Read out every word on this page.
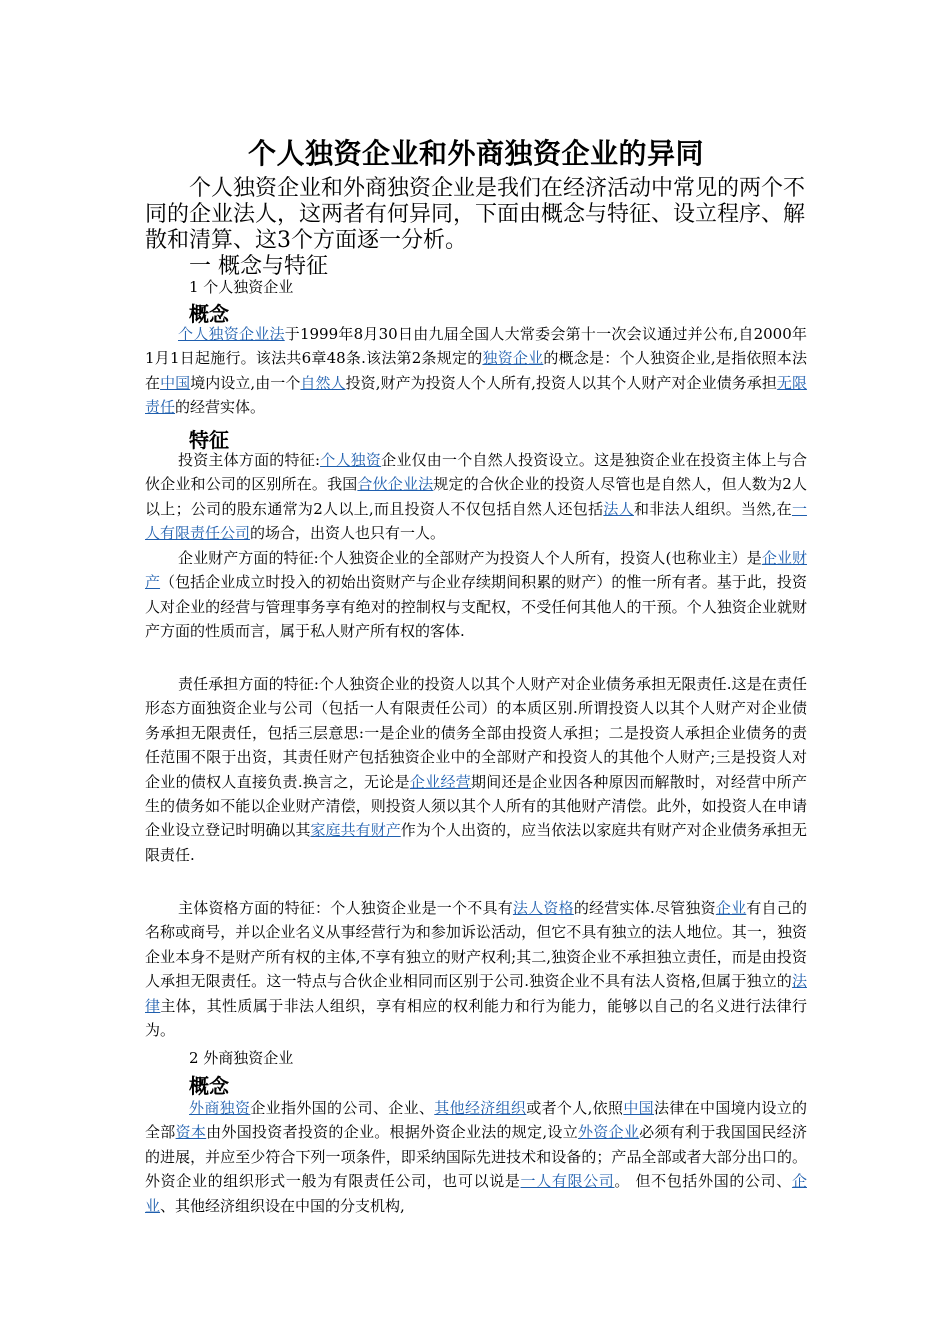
个人独资企业和外商独资企业的异同

个人独资企业和外商独资企业是我们在经济活动中常见的两个不同的企业法人，这两者有何异同，下面由概念与特征、设立程序、解散和清算、这3个方面逐一分析。

一 概念与特征
1 个人独资企业
概念

个人独资企业法于1999年8月30日由九届全国人大常委会第十一次会议通过并公布,自2000年1月1日起施行。该法共6章48条.该法第2条规定的独资企业的概念是：个人独资企业,是指依照本法在中国境内设立,由一个自然人投资,财产为投资人个人所有,投资人以其个人财产对企业债务承担无限责任的经营实体。

特征

投资主体方面的特征:个人独资企业仅由一个自然人投资设立。这是独资企业在投资主体上与合伙企业和公司的区别所在。我国合伙企业法规定的合伙企业的投资人尽管也是自然人，但人数为2人以上；公司的股东通常为2人以上,而且投资人不仅包括自然人还包括法人和非法人组织。当然,在一人有限责任公司的场合，出资人也只有一人。

企业财产方面的特征:个人独资企业的全部财产为投资人个人所有，投资人(也称业主）是企业财产（包括企业成立时投入的初始出资财产与企业存续期间积累的财产）的惟一所有者。基于此，投资人对企业的经营与管理事务享有绝对的控制权与支配权，不受任何其他人的干预。个人独资企业就财产方面的性质而言，属于私人财产所有权的客体.

责任承担方面的特征:个人独资企业的投资人以其个人财产对企业债务承担无限责任.这是在责任形态方面独资企业与公司（包括一人有限责任公司）的本质区别.所谓投资人以其个人财产对企业债务承担无限责任，包括三层意思:一是企业的债务全部由投资人承担；二是投资人承担企业债务的责任范围不限于出资，其责任财产包括独资企业中的全部财产和投资人的其他个人财产;三是投资人对企业的债权人直接负责.换言之，无论是企业经营期间还是企业因各种原因而解散时，对经营中所产生的债务如不能以企业财产清偿，则投资人须以其个人所有的其他财产清偿。此外，如投资人在申请企业设立登记时明确以其家庭共有财产作为个人出资的，应当依法以家庭共有财产对企业债务承担无限责任.

主体资格方面的特征：个人独资企业是一个不具有法人资格的经营实体.尽管独资企业有自己的名称或商号，并以企业名义从事经营行为和参加诉讼活动，但它不具有独立的法人地位。其一，独资企业本身不是财产所有权的主体,不享有独立的财产权利;其二,独资企业不承担独立责任，而是由投资人承担无限责任。这一特点与合伙企业相同而区别于公司.独资企业不具有法人资格,但属于独立的法律主体，其性质属于非法人组织，享有相应的权利能力和行为能力，能够以自己的名义进行法律行为。

2 外商独资企业
概念

外商独资企业指外国的公司、企业、其他经济组织或者个人,依照中国法律在中国境内设立的全部资本由外国投资者投资的企业。根据外资企业法的规定,设立外资企业必须有利于我国国民经济的进展，并应至少符合下列一项条件，即采纳国际先进技术和设备的；产品全部或者大部分出口的。外资企业的组织形式一般为有限责任公司，也可以说是一人有限公司。 但不包括外国的公司、企业、其他经济组织设在中国的分支机构,
